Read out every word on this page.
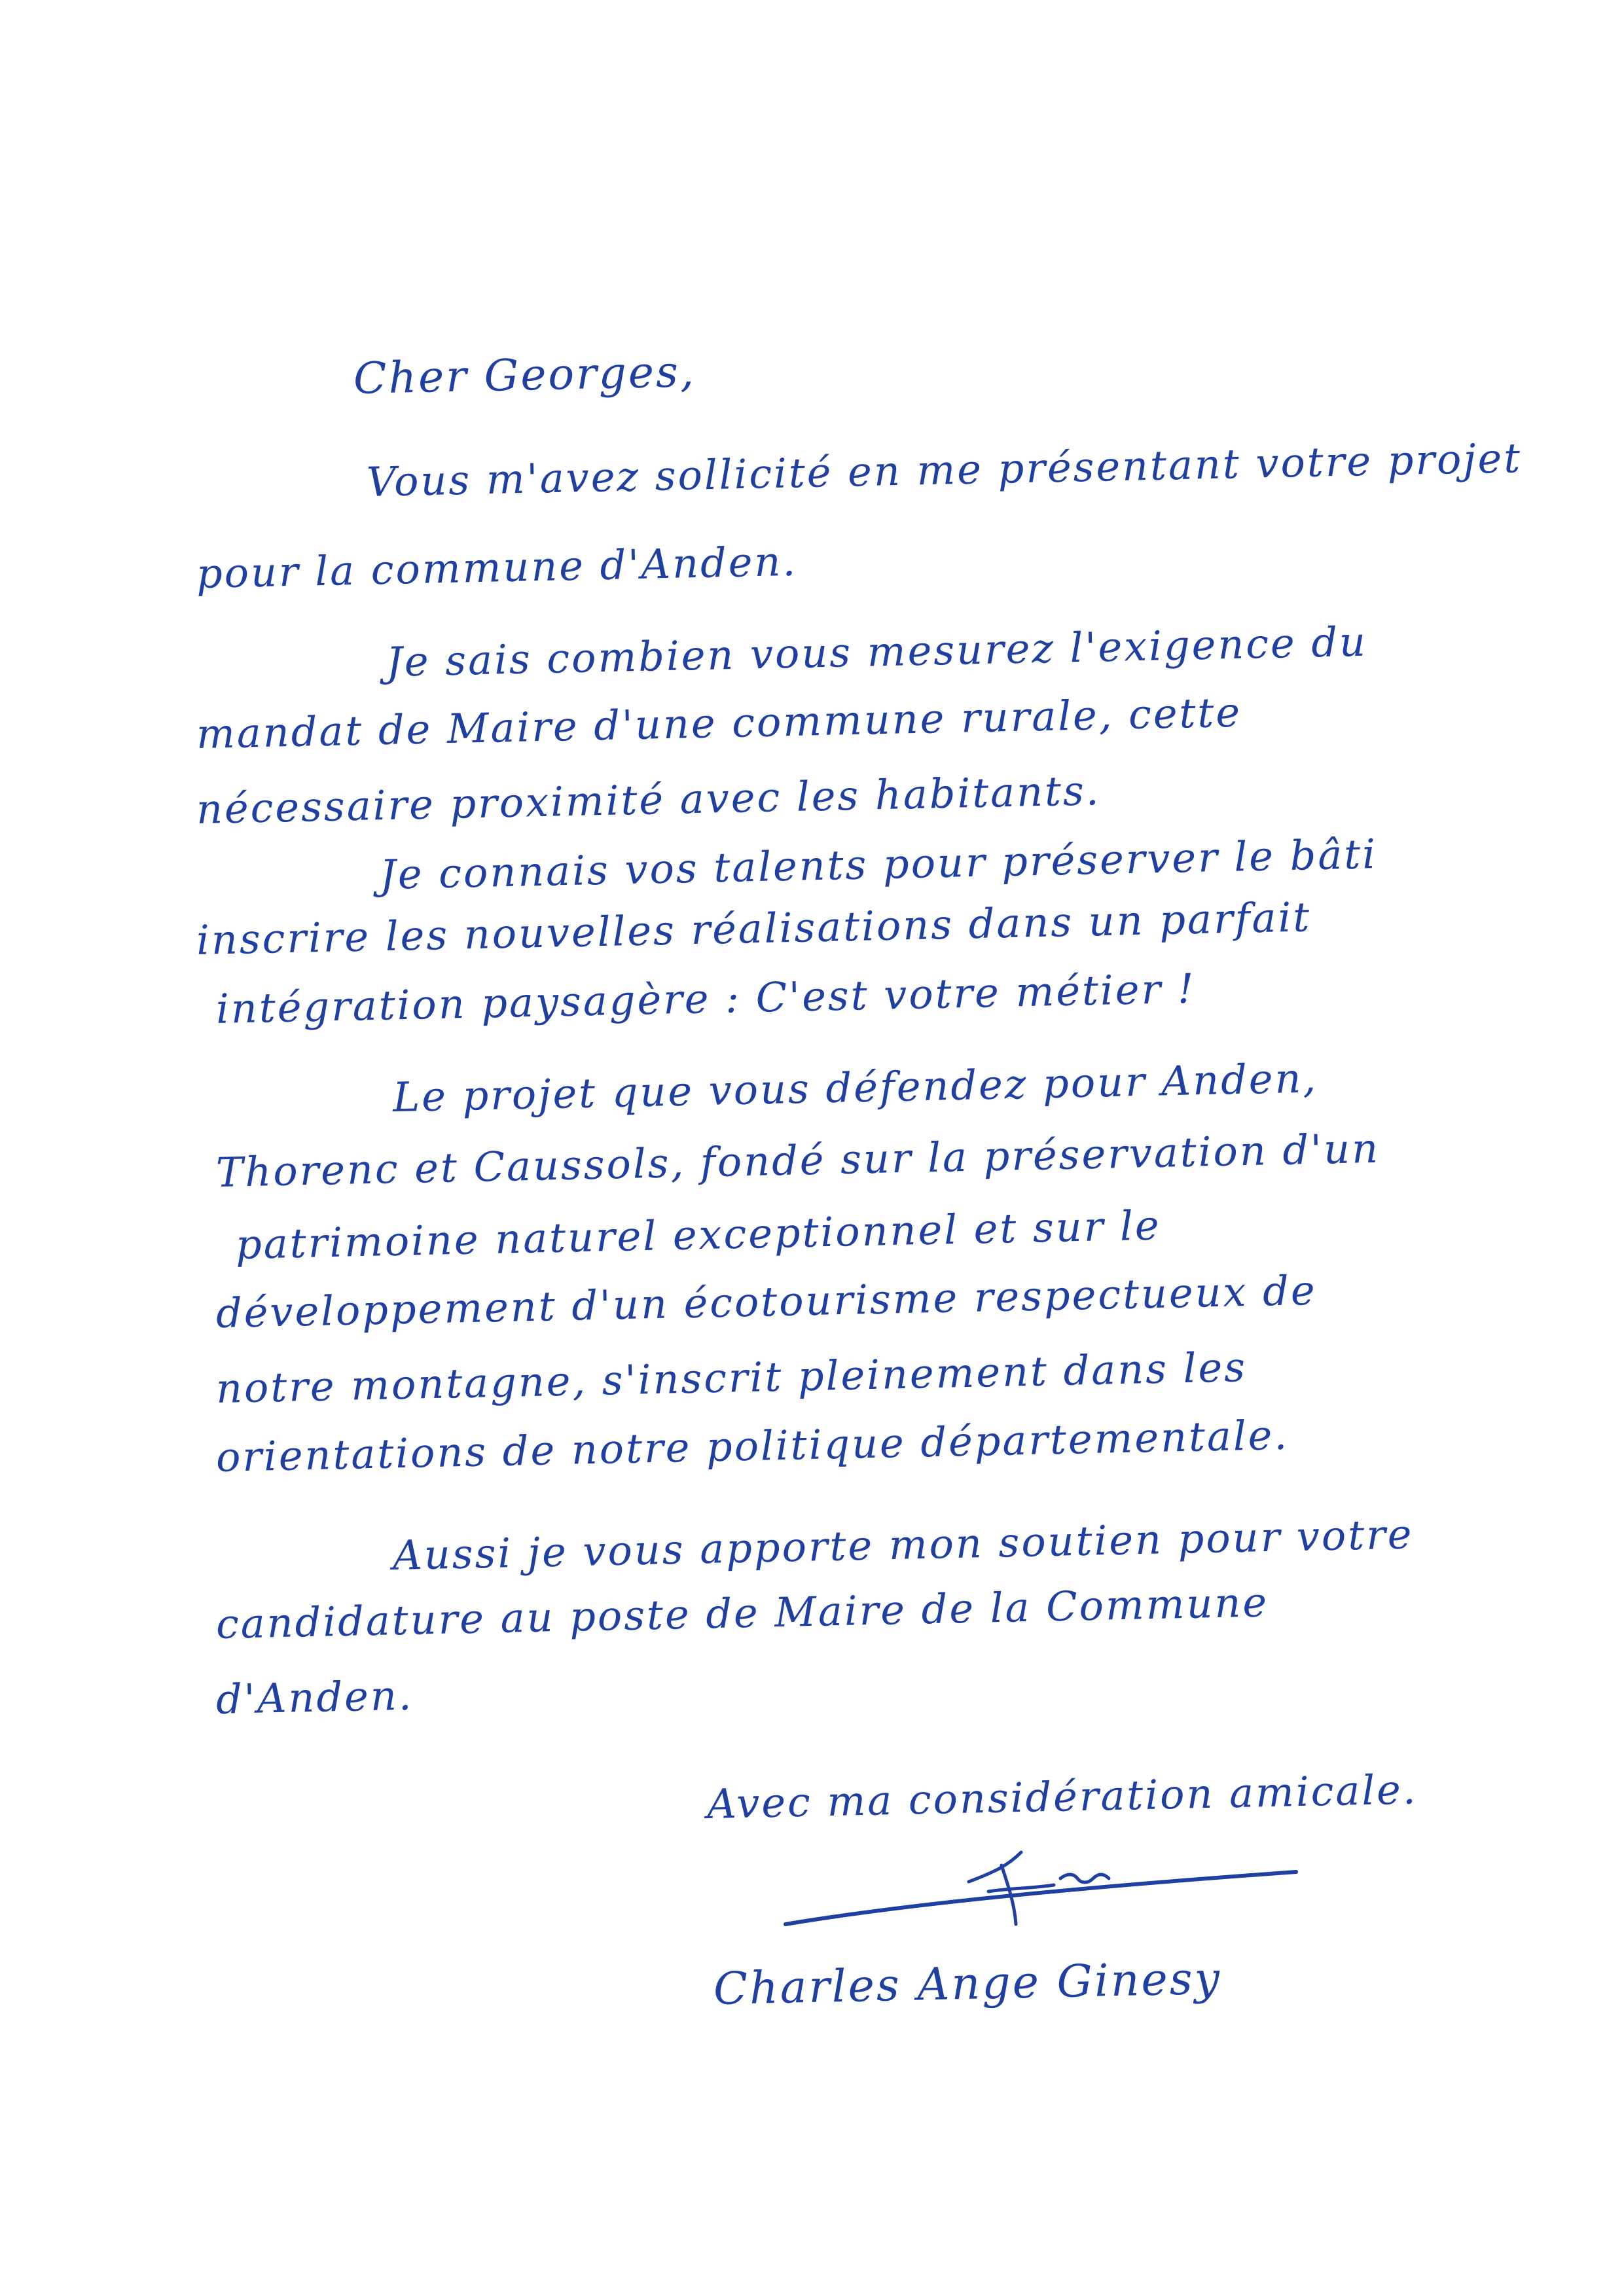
Cher Georges,
Vous m'avez sollicité en me présentant votre projet
pour la commune d'Anden.
Je sais combien vous mesurez l'exigence du
mandat de Maire d'une commune rurale, cette
nécessaire proximité avec les habitants.
Je connais vos talents pour préserver le bâti
inscrire les nouvelles réalisations dans un parfait
intégration paysagère : C'est votre métier !
Le projet que vous défendez pour Anden,
Thorenc et Caussols, fondé sur la préservation d'un
patrimoine naturel exceptionnel et sur le
développement d'un écotourisme respectueux de
notre montagne, s'inscrit pleinement dans les
orientations de notre politique départementale.
Aussi je vous apporte mon soutien pour votre
candidature au poste de Maire de la Commune
d'Anden.
Avec ma considération amicale.
Charles Ange Ginesy
